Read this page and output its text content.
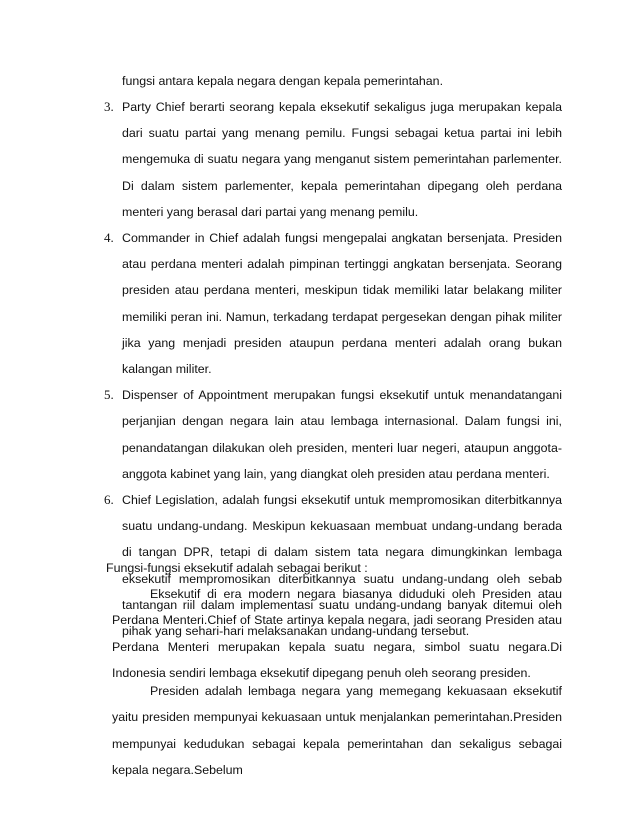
fungsi antara kepala negara dengan kepala pemerintahan.

3. Party Chief berarti seorang kepala eksekutif sekaligus juga merupakan kepala dari suatu partai yang menang pemilu. Fungsi sebagai ketua partai ini lebih mengemuka di suatu negara yang menganut sistem pemerintahan parlementer. Di dalam sistem parlementer, kepala pemerintahan dipegang oleh perdana menteri yang berasal dari partai yang menang pemilu.

4. Commander in Chief adalah fungsi mengepalai angkatan bersenjata. Presiden atau perdana menteri adalah pimpinan tertinggi angkatan bersenjata. Seorang presiden atau perdana menteri, meskipun tidak memiliki latar belakang militer memiliki peran ini. Namun, terkadang terdapat pergesekan dengan pihak militer jika yang menjadi presiden ataupun perdana menteri adalah orang bukan kalangan militer.

5. Dispenser of Appointment merupakan fungsi eksekutif untuk menandatangani perjanjian dengan negara lain atau lembaga internasional. Dalam fungsi ini, penandatangan dilakukan oleh presiden, menteri luar negeri, ataupun anggota-anggota kabinet yang lain, yang diangkat oleh presiden atau perdana menteri.

6. Chief Legislation, adalah fungsi eksekutif untuk mempromosikan diterbitkannya suatu undang-undang. Meskipun kekuasaan membuat undang-undang berada di tangan DPR, tetapi di dalam sistem tata negara dimungkinkan lembaga eksekutif mempromosikan diterbitkannya suatu undang-undang oleh sebab tantangan riil dalam implementasi suatu undang-undang banyak ditemui oleh pihak yang sehari-hari melaksanakan undang-undang tersebut.

Fungsi-fungsi eksekutif adalah sebagai berikut :

Eksekutif di era modern negara biasanya diduduki oleh Presiden atau Perdana Menteri.Chief of State artinya kepala negara, jadi seorang Presiden atau Perdana Menteri merupakan kepala suatu negara, simbol suatu negara.Di Indonesia sendiri lembaga eksekutif dipegang penuh oleh seorang presiden.

Presiden adalah lembaga negara yang memegang kekuasaan eksekutif yaitu presiden mempunyai kekuasaan untuk menjalankan pemerintahan.Presiden mempunyai kedudukan sebagai kepala pemerintahan dan sekaligus sebagai kepala negara.Sebelum
